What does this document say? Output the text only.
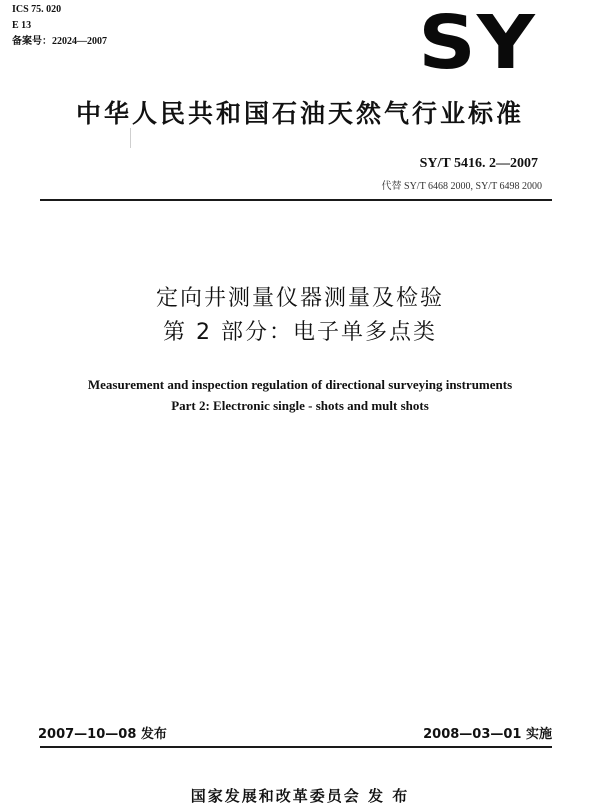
ICS 75. 020
E 13
备案号：22024—2007	SY
中华人民共和国石油天然气行业标准
SY/T 5416. 2—2007
代替 SY/T 6468 2000, SY/T 6498 2000
定向井测量仪器测量及检验
第 2 部分：电子单多点类
Measurement and inspection regulation of directional surveying instruments
Part 2: Electronic single - shots and mult shots
2007—10—08 发布	2008—03—01 实施
国家发展和改革委员会 发 布
